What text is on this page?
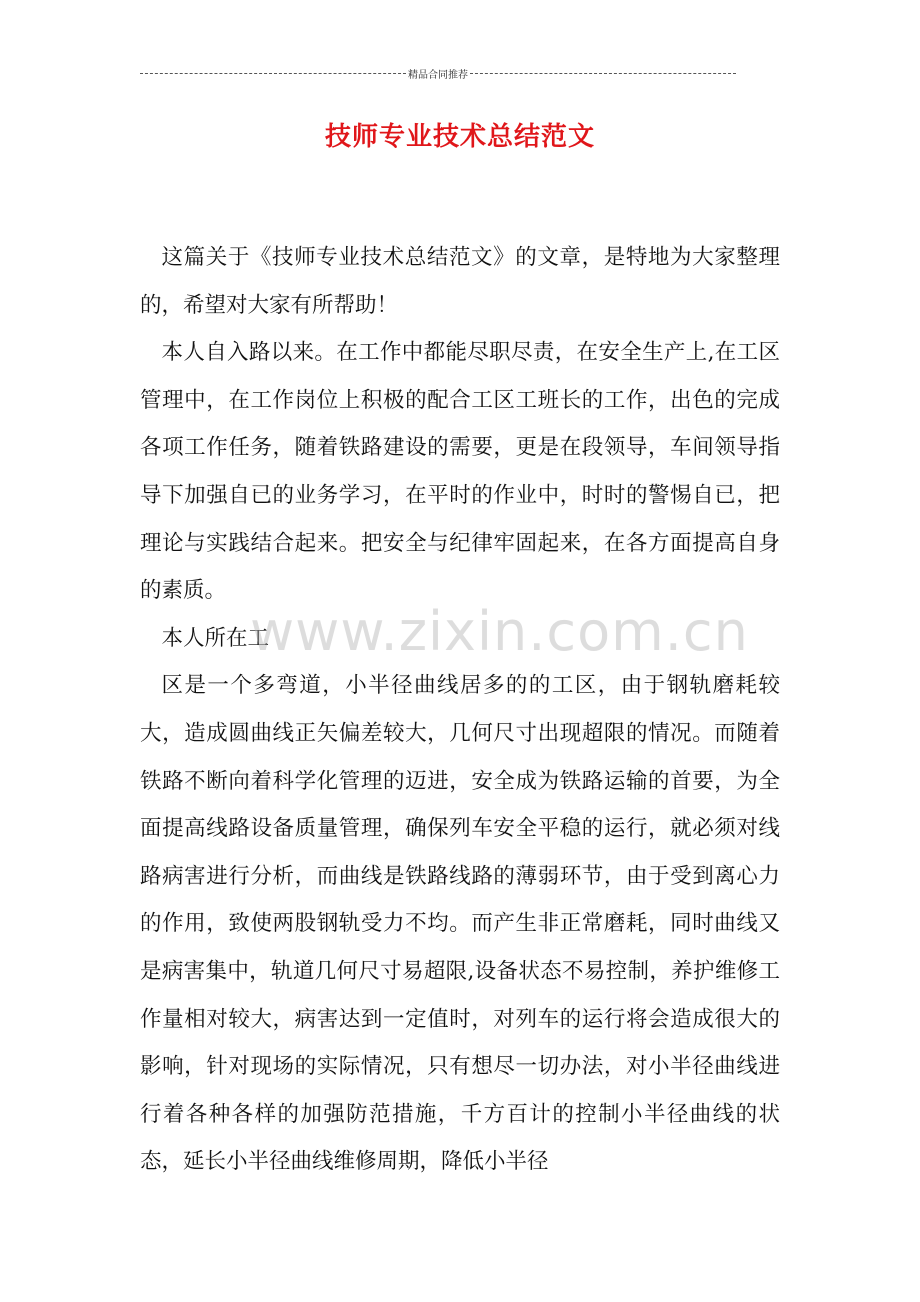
精品合同推荐
技师专业技术总结范文

这篇关于《技师专业技术总结范文》的文章，是特地为大家整理的，希望对大家有所帮助！

本人自入路以来。在工作中都能尽职尽责，在安全生产上,在工区管理中，在工作岗位上积极的配合工区工班长的工作，出色的完成各项工作任务，随着铁路建设的需要，更是在段领导，车间领导指导下加强自已的业务学习，在平时的作业中，时时的警惕自已，把理论与实践结合起来。把安全与纪律牢固起来，在各方面提高自身的素质。

本人所在工

区是一个多弯道，小半径曲线居多的的工区，由于钢轨磨耗较大，造成圆曲线正矢偏差较大，几何尺寸出现超限的情况。而随着铁路不断向着科学化管理的迈进，安全成为铁路运输的首要，为全面提高线路设备质量管理，确保列车安全平稳的运行，就必须对线路病害进行分析，而曲线是铁路线路的薄弱环节，由于受到离心力的作用，致使两股钢轨受力不均。而产生非正常磨耗，同时曲线又是病害集中，轨道几何尺寸易超限,设备状态不易控制，养护维修工作量相对较大，病害达到一定值时，对列车的运行将会造成很大的影响，针对现场的实际情况，只有想尽一切办法，对小半径曲线进行着各种各样的加强防范措施，千方百计的控制小半径曲线的状态，延长小半径曲线维修周期，降低小半径

www.zixin.com.cn
